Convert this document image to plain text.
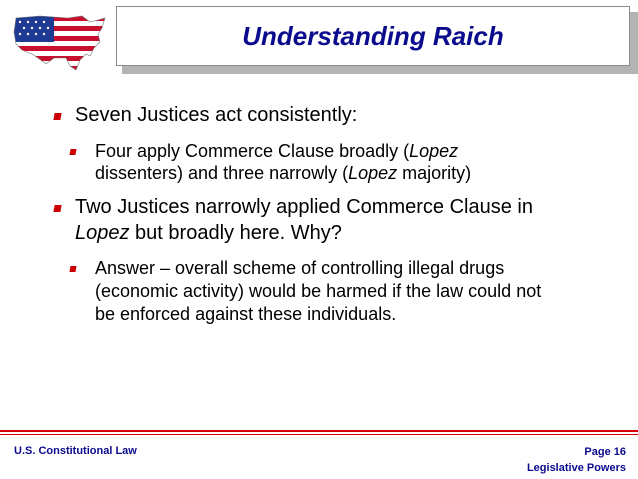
Understanding Raich
Seven Justices act consistently:
Four apply Commerce Clause broadly (Lopez
dissenters) and three narrowly (Lopez majority)
Two Justices narrowly applied Commerce Clause in
Lopez but broadly here. Why?
Answer – overall scheme of controlling illegal drugs
(economic activity) would be harmed if the law could not
be enforced against these individuals.
U.S. Constitutional Law	Page 16
Legislative Powers
